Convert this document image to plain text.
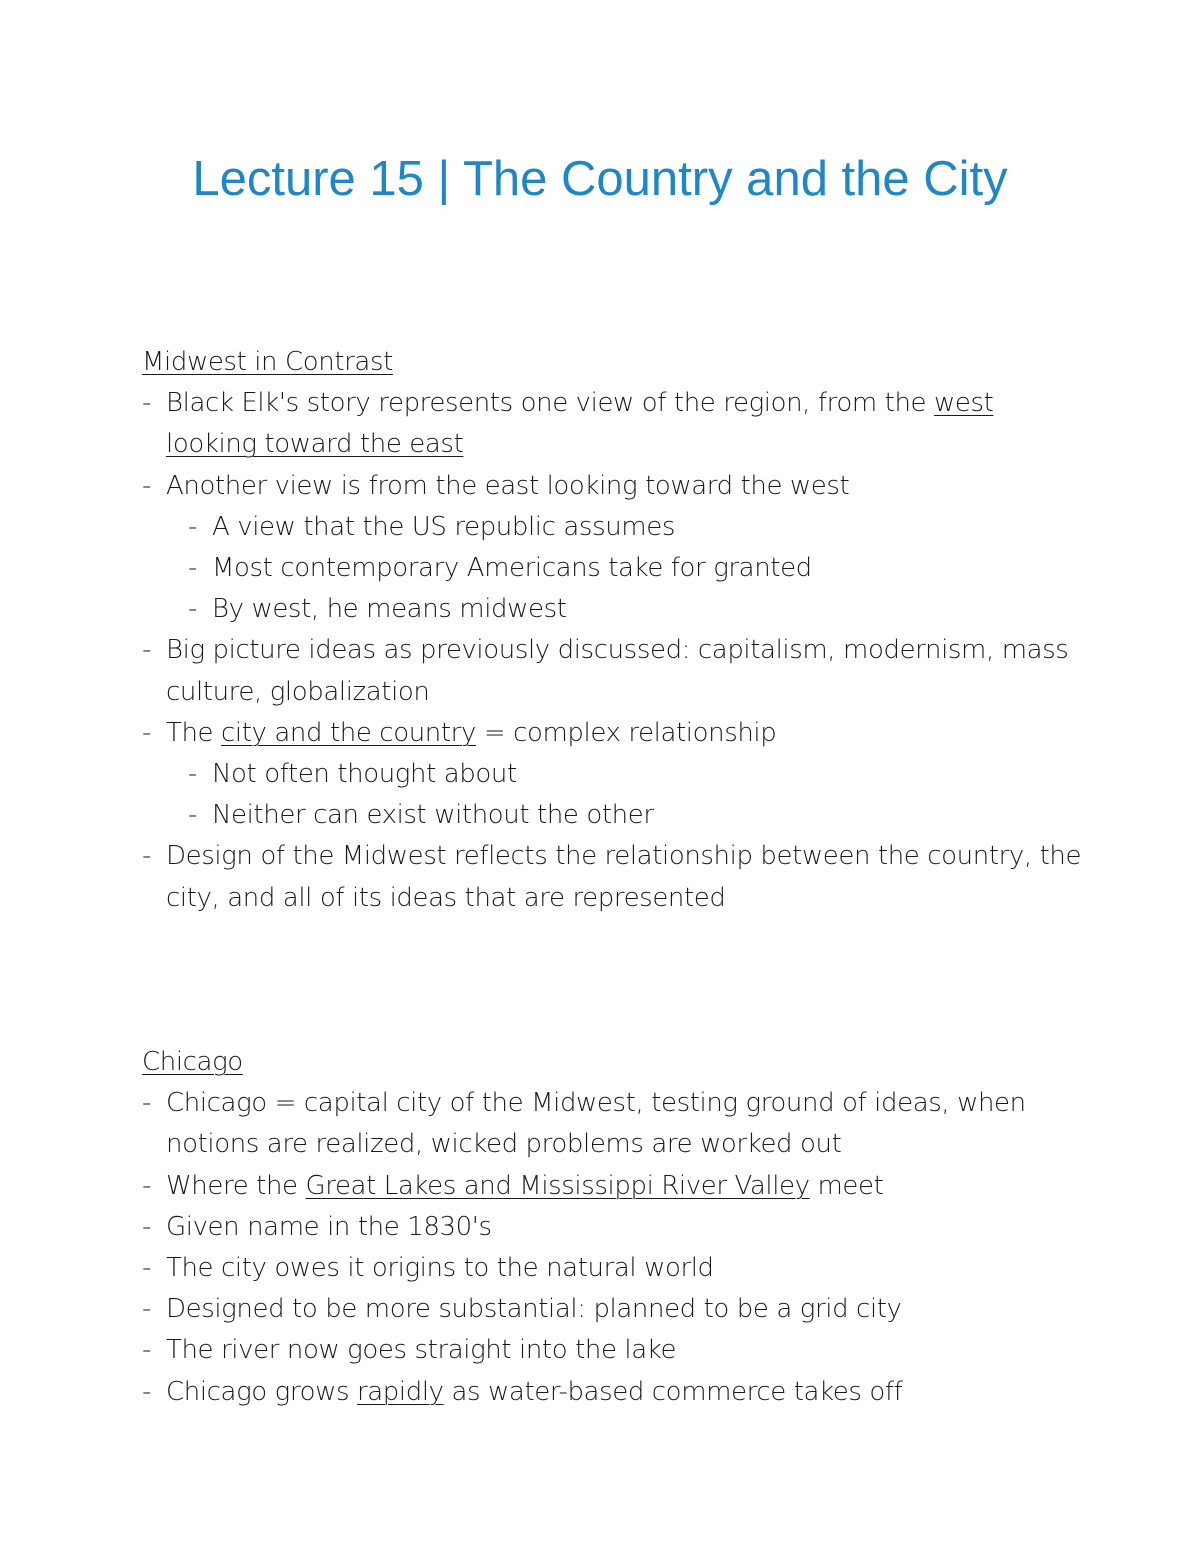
Lecture 15 | The Country and the City
Midwest in Contrast
- Black Elk's story represents one view of the region, from the west looking toward the east
- Another view is from the east looking toward the west
- A view that the US republic assumes
- Most contemporary Americans take for granted
- By west, he means midwest
- Big picture ideas as previously discussed: capitalism, modernism, mass culture, globalization
- The city and the country = complex relationship
- Not often thought about
- Neither can exist without the other
- Design of the Midwest reflects the relationship between the country, the city, and all of its ideas that are represented
Chicago
- Chicago = capital city of the Midwest, testing ground of ideas, when notions are realized, wicked problems are worked out
- Where the Great Lakes and Mississippi River Valley meet
- Given name in the 1830's
- The city owes it origins to the natural world
- Designed to be more substantial: planned to be a grid city
- The river now goes straight into the lake
- Chicago grows rapidly as water-based commerce takes off
